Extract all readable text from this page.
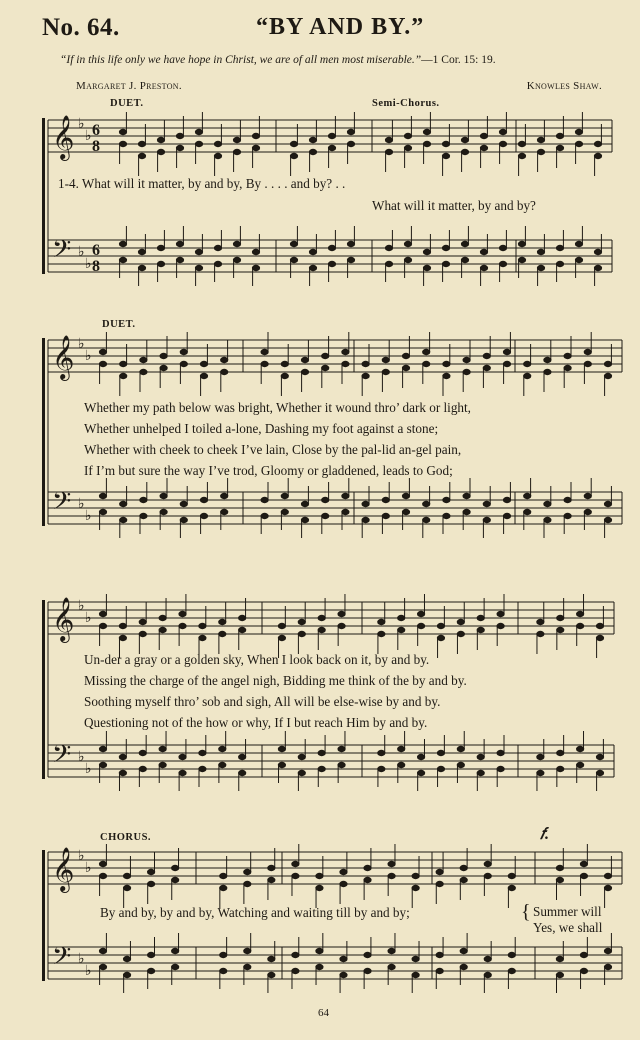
No. 64.	“BY AND BY.”
“If in this life only we have hope in Christ, we are of all men most miserable.”—1 Cor. 15: 19.
Margaret J. Preston.	Knowles Shaw.
DUET.	Semi-Chorus.
1-4. What will it matter, by and by, By . . . . and by? . .
What will it matter, by and by?
DUET.
Whether my path below was bright, Whether it wound thro’ dark or light,
Whether unhelped I toiled a-lone, Dashing my foot against a stone;
Whether with cheek to cheek I’ve lain, Close by the pal-lid an-gel pain,
If I’m but sure the way I’ve trod, Gloomy or gladdened, leads to God;
Un-der a gray or a golden sky, When I look back on it, by and by.
Missing the charge of the angel nigh, Bidding me think of the by and by.
Soothing myself thro’ sob and sigh, All will be else-wise by and by.
Questioning not of the how or why, If I but reach Him by and by.
CHORUS.
By and by, by and by, Watching and waiting till by and by;	{ Summer will
Yes, we shall
𝑓.
64
𝄞 ♭
♭
𝄢 ♭
♭
𝄞 ♭
♭
𝄢 ♭
♭
𝄞 ♭
♭
𝄢 ♭
♭
𝄞 ♭
♭
𝄢 ♭
♭
6
8
6
8
